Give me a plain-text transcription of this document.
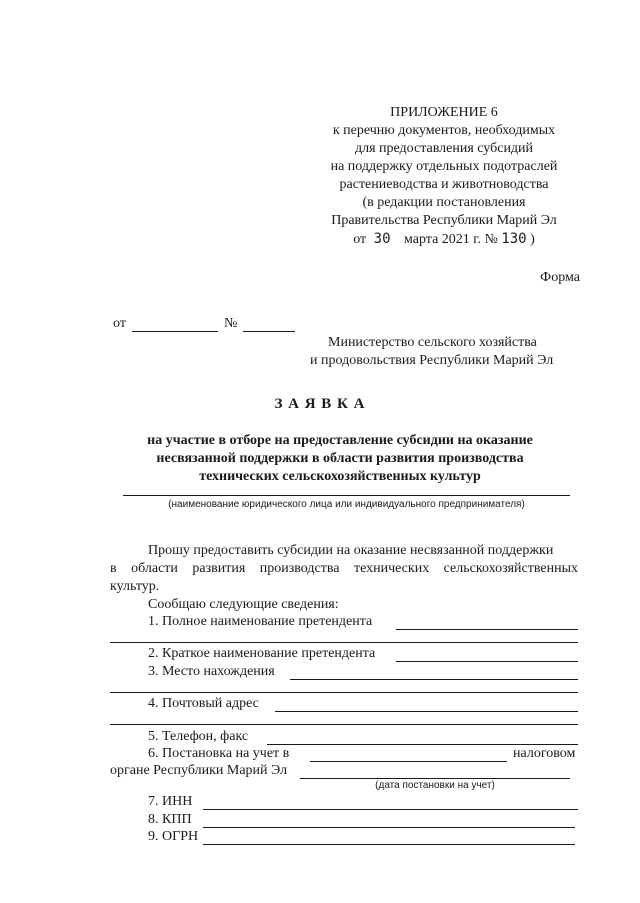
ПРИЛОЖЕНИЕ 6
к перечню документов, необходимых
для предоставления субсидий
на поддержку отдельных подотраслей
растениеводства и животноводства
(в редакции постановления
Правительства Республики Марий Эл
от 30 марта 2021 г. № 130 )
Форма
от	№
Министерство сельского хозяйства
и продовольствия Республики Марий Эл
З А Я В К А
на участие в отборе на предоставление субсидии на оказание
несвязанной поддержки в области развития производства
технических сельскохозяйственных культур
(наименование юридического лица или индивидуального предпринимателя)
Прошу предоставить субсидии на оказание несвязанной поддержки
в области развития производства технических сельскохозяйственных
культур.
Сообщаю следующие сведения:
1. Полное наименование претендента
2. Краткое наименование претендента
3. Место нахождения
4. Почтовый адрес
5. Телефон, факс
6. Постановка на учет в	налоговом
органе Республики Марий Эл
(дата постановки на учет)
7. ИНН
8. КПП
9. ОГРН
